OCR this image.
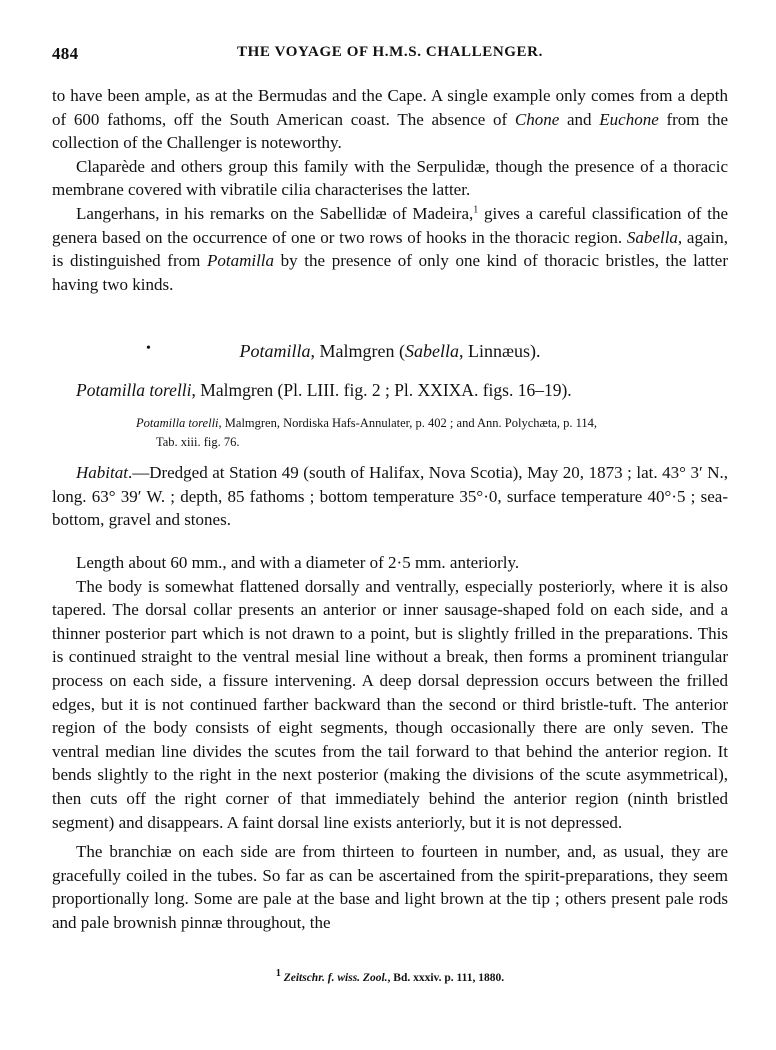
484	THE VOYAGE OF H.M.S. CHALLENGER.

to have been ample, as at the Bermudas and the Cape. A single example only comes from a depth of 600 fathoms, off the South American coast. The absence of Chone and Euchone from the collection of the Challenger is noteworthy.

Claparède and others group this family with the Serpulidæ, though the presence of a thoracic membrane covered with vibratile cilia characterises the latter.

Langerhans, in his remarks on the Sabellidæ of Madeira,$^1$ gives a careful classification of the genera based on the occurrence of one or two rows of hooks in the thoracic region. Sabella, again, is distinguished from Potamilla by the presence of only one kind of thoracic bristles, the latter having two kinds.

•	Potamilla, Malmgren (Sabella, Linnæus).
Potamilla torelli, Malmgren (Pl. LIII. fig. 2 ; Pl. XXIXA. figs. 16–19).
Potamilla torelli, Malmgren, Nordiska Hafs-Annulater, p. 402 ; and Ann. Polychæta, p. 114,
Tab. xiii. fig. 76.

Habitat.—Dredged at Station 49 (south of Halifax, Nova Scotia), May 20, 1873 ; lat. 43° 3′ N., long. 63° 39′ W. ; depth, 85 fathoms ; bottom temperature 35°·0, surface temperature 40°·5 ; sea-bottom, gravel and stones.

Length about 60 mm., and with a diameter of 2·5 mm. anteriorly.

The body is somewhat flattened dorsally and ventrally, especially posteriorly, where it is also tapered. The dorsal collar presents an anterior or inner sausage-shaped fold on each side, and a thinner posterior part which is not drawn to a point, but is slightly frilled in the preparations. This is continued straight to the ventral mesial line without a break, then forms a prominent triangular process on each side, a fissure intervening. A deep dorsal depression occurs between the frilled edges, but it is not continued farther backward than the second or third bristle-tuft. The anterior region of the body consists of eight segments, though occasionally there are only seven. The ventral median line divides the scutes from the tail forward to that behind the anterior region. It bends slightly to the right in the next posterior (making the divisions of the scute asymmetrical), then cuts off the right corner of that immediately behind the anterior region (ninth bristled segment) and disappears. A faint dorsal line exists anteriorly, but it is not depressed.

The branchiæ on each side are from thirteen to fourteen in number, and, as usual, they are gracefully coiled in the tubes. So far as can be ascertained from the spirit-preparations, they seem proportionally long. Some are pale at the base and light brown at the tip ; others present pale rods and pale brownish pinnæ throughout, the

$^1$ Zeitschr. f. wiss. Zool., Bd. xxxiv. p. 111, 1880.
